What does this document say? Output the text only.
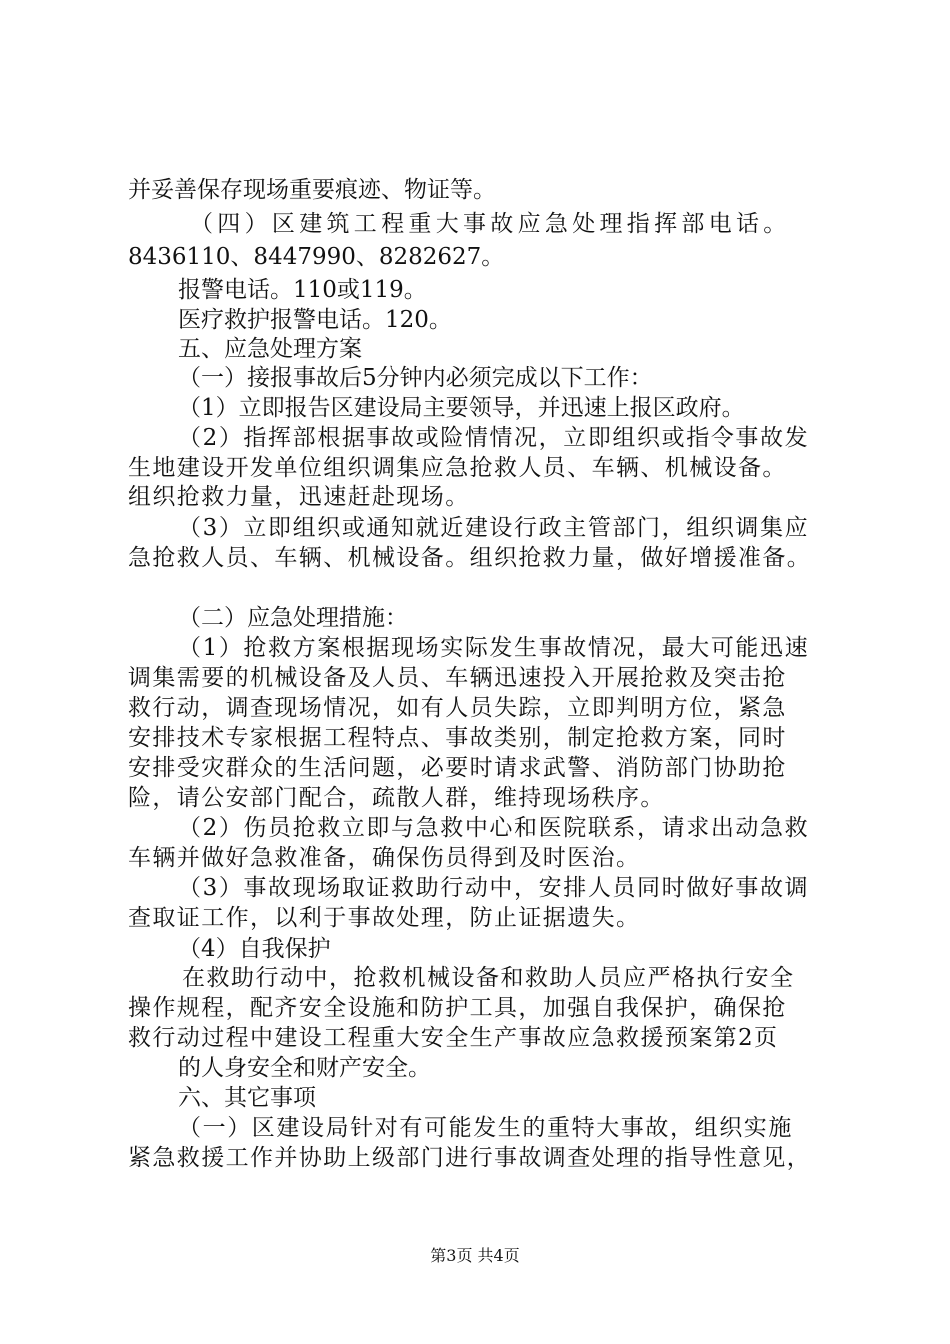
并妥善保存现场重要痕迹、物证等。
（四）区建筑工程重大事故应急处理指挥部电话。
8436110、8447990、8282627。
报警电话。110或119。
医疗救护报警电话。120。
五、应急处理方案
（一）接报事故后5分钟内必须完成以下工作：
（1）立即报告区建设局主要领导，并迅速上报区政府。
（2）指挥部根据事故或险情情况，立即组织或指令事故发
生地建设开发单位组织调集应急抢救人员、车辆、机械设备。
组织抢救力量，迅速赶赴现场。
（3）立即组织或通知就近建设行政主管部门，组织调集应
急抢救人员、车辆、机械设备。组织抢救力量，做好增援准备。
（二）应急处理措施：
（1）抢救方案根据现场实际发生事故情况，最大可能迅速
调集需要的机械设备及人员、车辆迅速投入开展抢救及突击抢
救行动，调查现场情况，如有人员失踪，立即判明方位，紧急
安排技术专家根据工程特点、事故类别，制定抢救方案，同时
安排受灾群众的生活问题，必要时请求武警、消防部门协助抢
险，请公安部门配合，疏散人群，维持现场秩序。
（2）伤员抢救立即与急救中心和医院联系，请求出动急救
车辆并做好急救准备，确保伤员得到及时医治。
（3）事故现场取证救助行动中，安排人员同时做好事故调
查取证工作，以利于事故处理，防止证据遗失。
（4）自我保护
在救助行动中，抢救机械设备和救助人员应严格执行安全
操作规程，配齐安全设施和防护工具，加强自我保护，确保抢
救行动过程中建设工程重大安全生产事故应急救援预案第2页
的人身安全和财产安全。
六、其它事项
（一）区建设局针对有可能发生的重特大事故，组织实施
紧急救援工作并协助上级部门进行事故调查处理的指导性意见，
第3页 共4页
